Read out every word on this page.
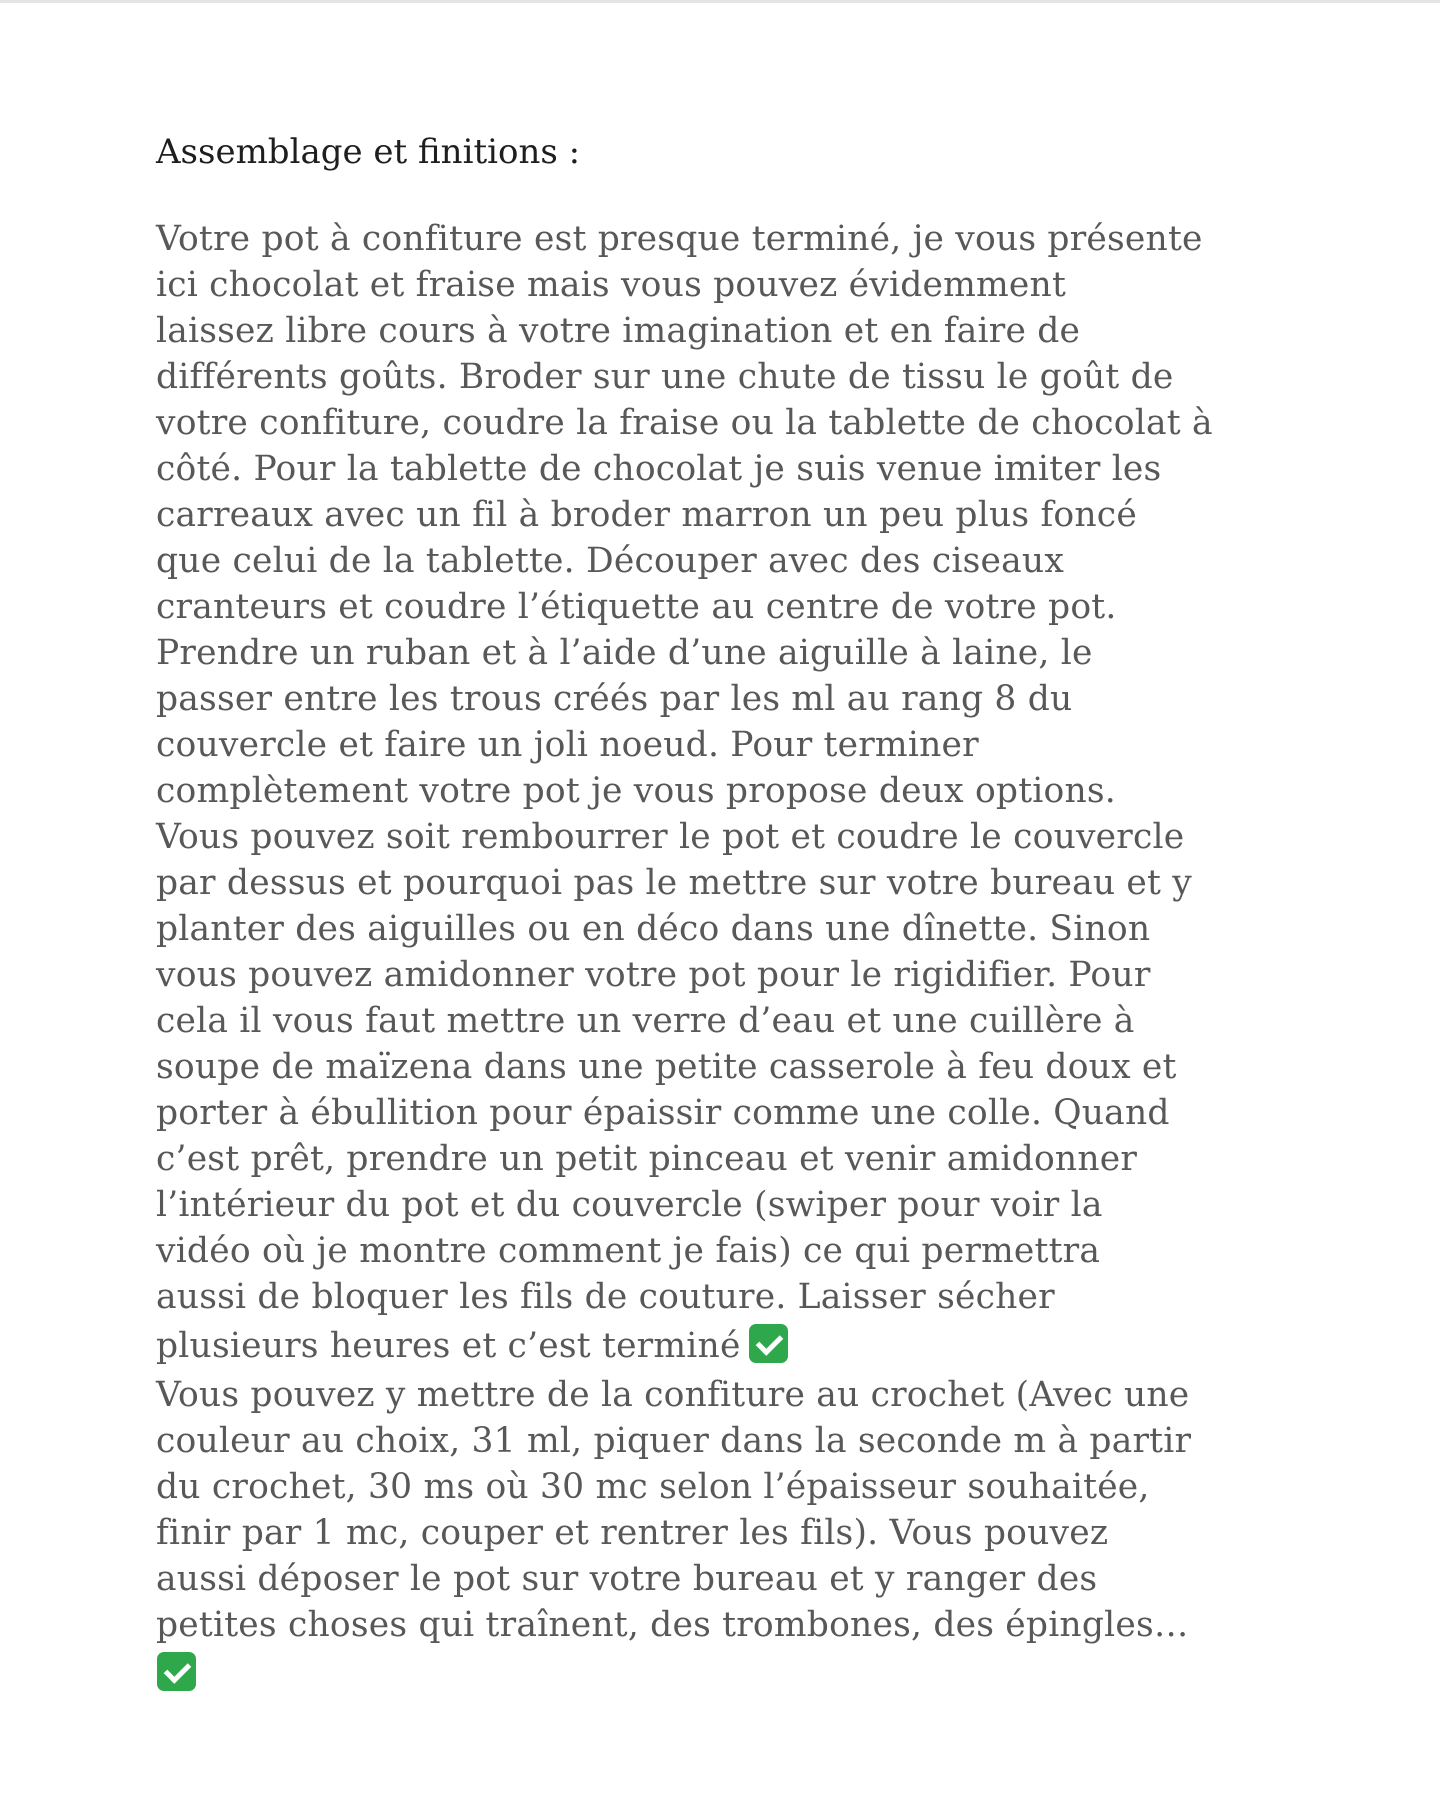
Assemblage et finitions :
Votre pot à confiture est presque terminé, je vous présente
ici chocolat et fraise mais vous pouvez évidemment
laissez libre cours à votre imagination et en faire de
différents goûts. Broder sur une chute de tissu le goût de
votre confiture, coudre la fraise ou la tablette de chocolat à
côté. Pour la tablette de chocolat je suis venue imiter les
carreaux avec un fil à broder marron un peu plus foncé
que celui de la tablette. Découper avec des ciseaux
cranteurs et coudre l’étiquette au centre de votre pot.
Prendre un ruban et à l’aide d’une aiguille à laine, le
passer entre les trous créés par les ml au rang 8 du
couvercle et faire un joli noeud. Pour terminer
complètement votre pot je vous propose deux options.
Vous pouvez soit rembourrer le pot et coudre le couvercle
par dessus et pourquoi pas le mettre sur votre bureau et y
planter des aiguilles ou en déco dans une dînette. Sinon
vous pouvez amidonner votre pot pour le rigidifier. Pour
cela il vous faut mettre un verre d’eau et une cuillère à
soupe de maïzena dans une petite casserole à feu doux et
porter à ébullition pour épaissir comme une colle. Quand
c’est prêt, prendre un petit pinceau et venir amidonner
l’intérieur du pot et du couvercle (swiper pour voir la
vidéo où je montre comment je fais) ce qui permettra
aussi de bloquer les fils de couture. Laisser sécher
plusieurs heures et c’est terminé
Vous pouvez y mettre de la confiture au crochet (Avec une
couleur au choix, 31 ml, piquer dans la seconde m à partir
du crochet, 30 ms où 30 mc selon l’épaisseur souhaitée,
finir par 1 mc, couper et rentrer les fils). Vous pouvez
aussi déposer le pot sur votre bureau et y ranger des
petites choses qui traînent, des trombones, des épingles…
